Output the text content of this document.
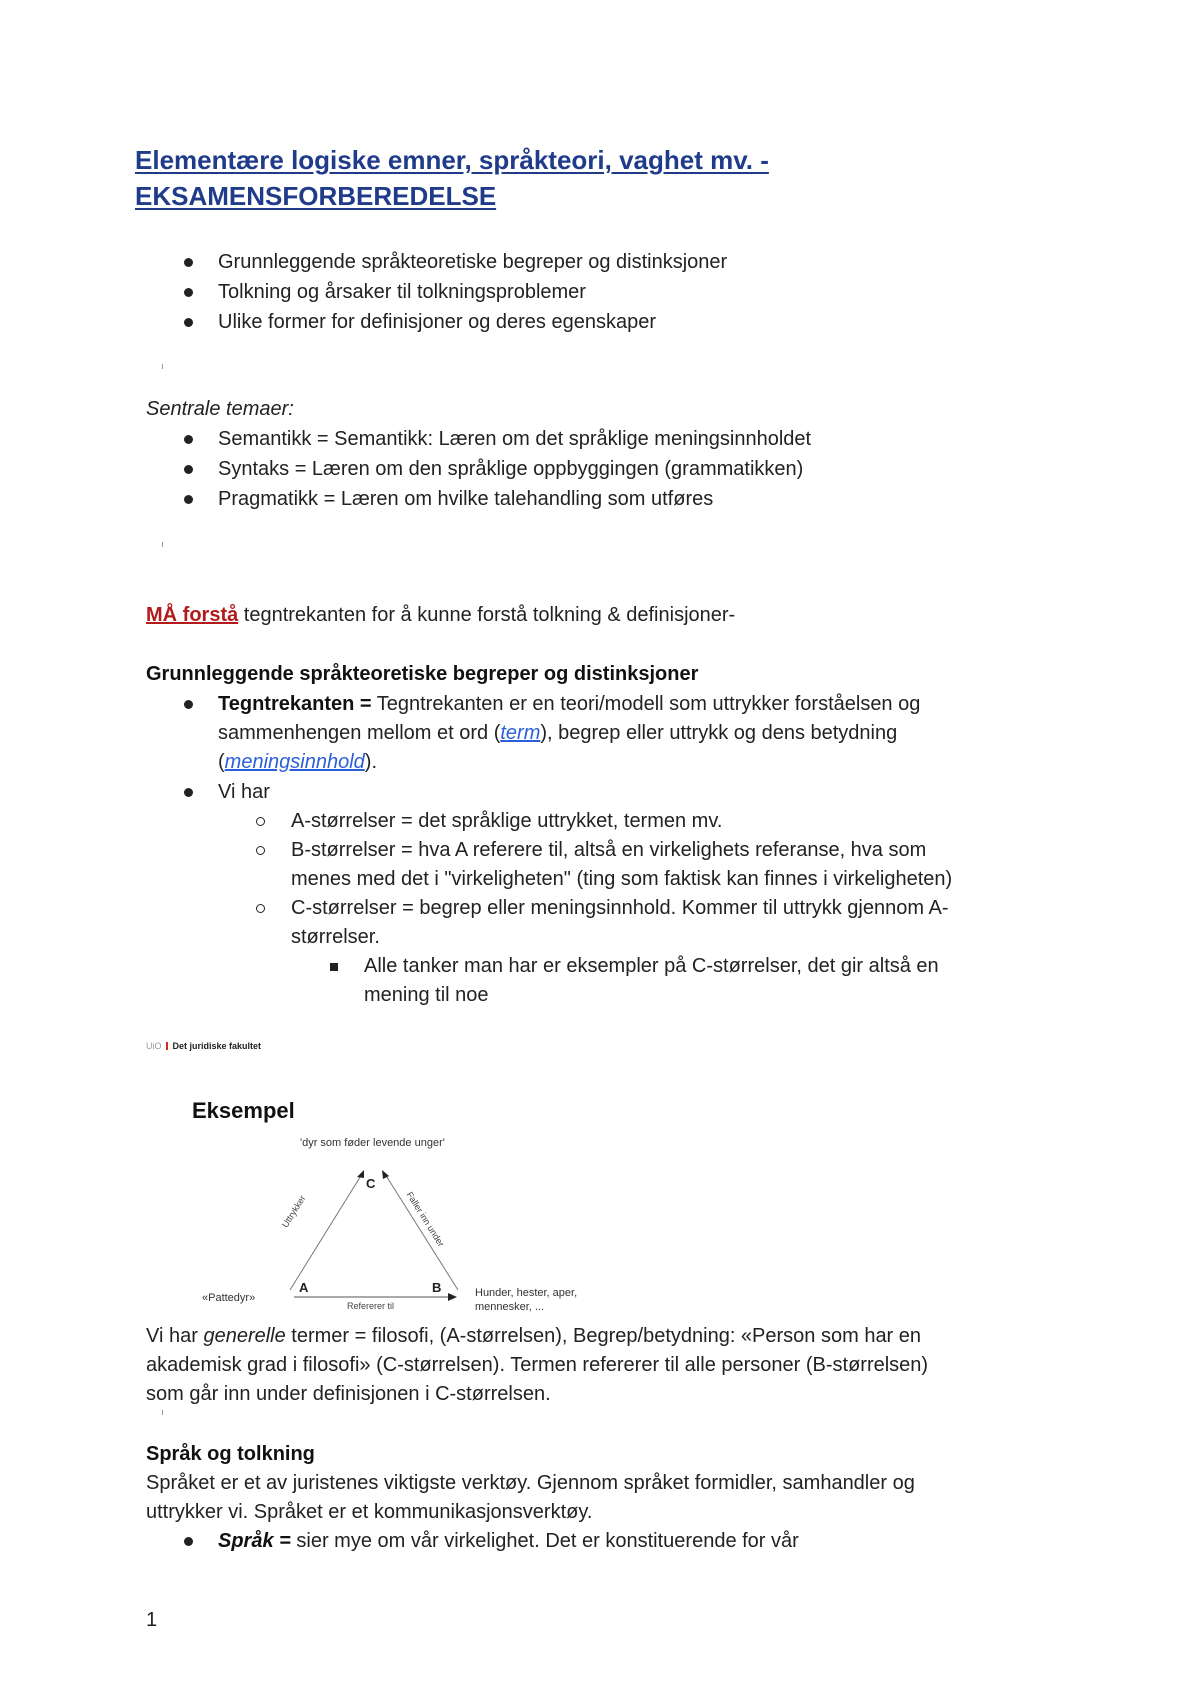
Elementære logiske emner, språkteori, vaghet mv. -
EKSAMENSFORBEREDELSE
Grunnleggende språkteoretiske begreper og distinksjoner
Tolkning og årsaker til tolkningsproblemer
Ulike former for definisjoner og deres egenskaper
Sentrale temaer:
Semantikk = Semantikk: Læren om det språklige meningsinnholdet
Syntaks = Læren om den språklige oppbyggingen (grammatikken)
Pragmatikk = Læren om hvilke talehandling som utføres
MÅ forstå tegntrekanten for å kunne forstå tolkning & definisjoner-
Grunnleggende språkteoretiske begreper og distinksjoner
Tegntrekanten = Tegntrekanten er en teori/modell som uttrykker forståelsen og
sammenhengen mellom et ord (term), begrep eller uttrykk og dens betydning
(meningsinnhold).
Vi har
A-størrelser = det språklige uttrykket, termen mv.
B-størrelser = hva A referere til, altså en virkelighets referanse, hva som
menes med det i "virkeligheten" (ting som faktisk kan finnes i virkeligheten)
C-størrelser = begrep eller meningsinnhold. Kommer til uttrykk gjennom A-
størrelser.
Alle tanker man har er eksempler på C-størrelser, det gir altså en
mening til noe
UiO Det juridiske fakultet
Eksempel
'dyr som føder levende unger'
C
A	B
Uttrykker	Faller inn under
Refererer til
«Pattedyr»	Hunder, hester, aper,
mennesker, ...
Vi har generelle termer = filosofi, (A-størrelsen), Begrep/betydning: «Person som har en
akademisk grad i filosofi» (C-størrelsen). Termen refererer til alle personer (B-størrelsen)
som går inn under definisjonen i C-størrelsen.
Språk og tolkning
Språket er et av juristenes viktigste verktøy. Gjennom språket formidler, samhandler og
uttrykker vi. Språket er et kommunikasjonsverktøy.
Språk = sier mye om vår virkelighet. Det er konstituerende for vår
1
